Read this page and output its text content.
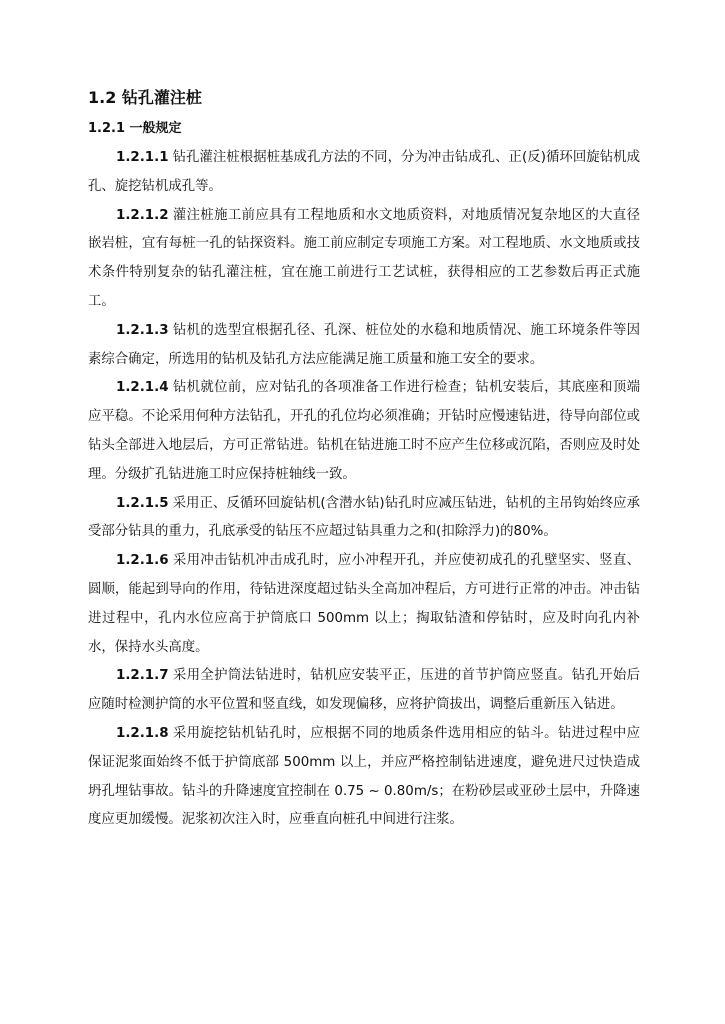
1.2 钻孔灌注桩
1.2.1 一般规定

1.2.1.1 钻孔灌注桩根据桩基成孔方法的不同，分为冲击钻成孔、正(反)循环回旋钻机成孔、旋挖钻机成孔等。

1.2.1.2 灌注桩施工前应具有工程地质和水文地质资料，对地质情况复杂地区的大直径嵌岩桩，宜有每桩一孔的钻探资料。施工前应制定专项施工方案。对工程地质、水文地质或技术条件特别复杂的钻孔灌注桩，宜在施工前进行工艺试桩，获得相应的工艺参数后再正式施工。

1.2.1.3 钻机的选型宜根据孔径、孔深、桩位处的水稳和地质情况、施工环境条件等因素综合确定，所选用的钻机及钻孔方法应能满足施工质量和施工安全的要求。

1.2.1.4 钻机就位前，应对钻孔的各项准备工作进行检查；钻机安装后，其底座和顶端应平稳。不论采用何种方法钻孔，开孔的孔位均必须准确；开钻时应慢速钻进，待导向部位或钻头全部进入地层后，方可正常钻进。钻机在钻进施工时不应产生位移或沉陷，否则应及时处理。分级扩孔钻进施工时应保持桩轴线一致。

1.2.1.5 采用正、反循环回旋钻机(含潜水钻)钻孔时应减压钻进，钻机的主吊钩始终应承受部分钻具的重力，孔底承受的钻压不应超过钻具重力之和(扣除浮力)的80%。

1.2.1.6 采用冲击钻机冲击成孔时，应小冲程开孔，并应使初成孔的孔壁坚实、竖直、圆顺，能起到导向的作用，待钻进深度超过钻头全高加冲程后，方可进行正常的冲击。冲击钻进过程中，孔内水位应高于护筒底口 500mm 以上；掏取钻渣和停钻时，应及时向孔内补水，保持水头高度。

1.2.1.7 采用全护筒法钻进时，钻机应安装平正，压进的首节护筒应竖直。钻孔开始后应随时检测护筒的水平位置和竖直线，如发现偏移，应将护筒拔出，调整后重新压入钻进。

1.2.1.8 采用旋挖钻机钻孔时，应根据不同的地质条件选用相应的钻斗。钻进过程中应保证泥浆面始终不低于护筒底部 500mm 以上，并应严格控制钻进速度，避免进尺过快造成坍孔埋钻事故。钻斗的升降速度宜控制在 0.75 ~ 0.80m/s；在粉砂层或亚砂土层中，升降速度应更加缓慢。泥浆初次注入时，应垂直向桩孔中间进行注浆。
